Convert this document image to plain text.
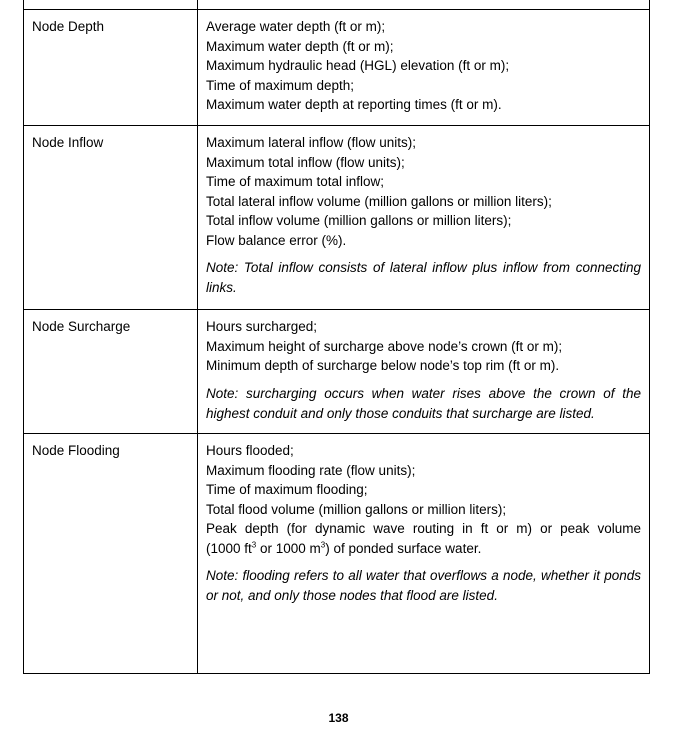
Node Depth	Average water depth (ft or m);
Maximum water depth (ft or m);
Maximum hydraulic head (HGL) elevation (ft or m);
Time of maximum depth;
Maximum water depth at reporting times (ft or m).
Node Inflow	Maximum lateral inflow (flow units);
Maximum total inflow (flow units);
Time of maximum total inflow;
Total lateral inflow volume (million gallons or million liters);
Total inflow volume (million gallons or million liters);
Flow balance error (%).
Note: Total inflow consists of lateral inflow plus inflow from connecting links.
Node Surcharge	Hours surcharged;
Maximum height of surcharge above node’s crown (ft or m);
Minimum depth of surcharge below node’s top rim (ft or m).
Note: surcharging occurs when water rises above the crown of the highest conduit and only those conduits that surcharge are listed.
Node Flooding	Hours flooded;
Maximum flooding rate (flow units);
Time of maximum flooding;
Total flood volume (million gallons or million liters);
Peak depth (for dynamic wave routing in ft or m) or peak volume
(1000 $ft^3$ or 1000 $m^3$) of ponded surface water.
Note: flooding refers to all water that overflows a node, whether it ponds or not, and only those nodes that flood are listed.
138
